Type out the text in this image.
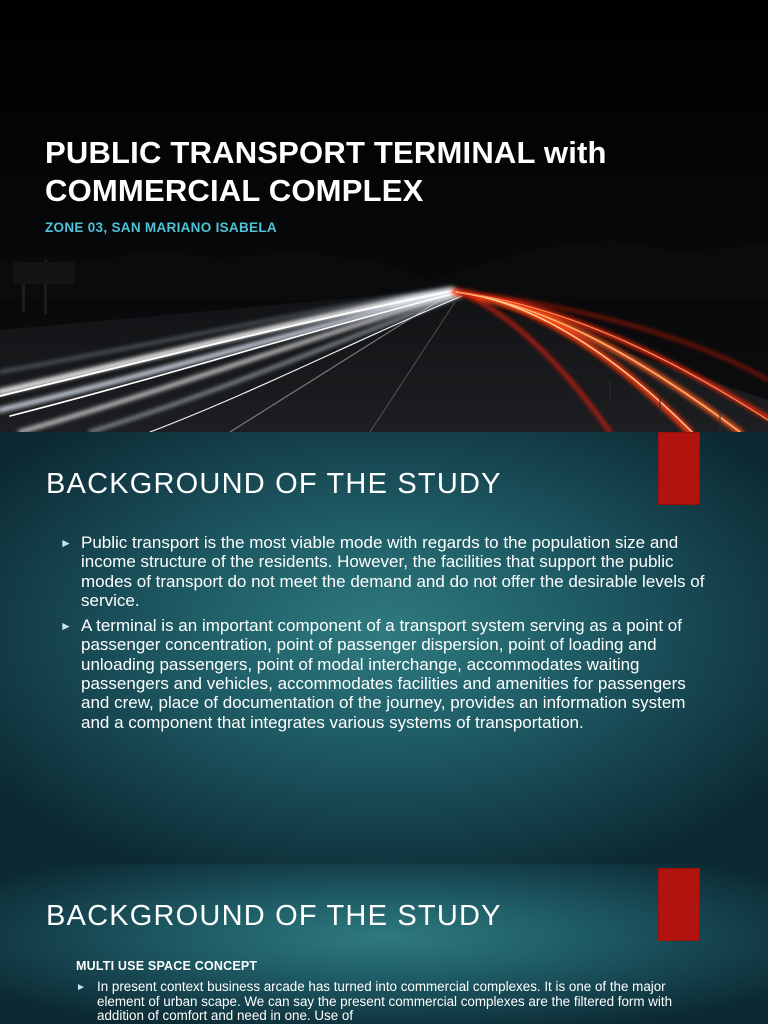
PUBLIC TRANSPORT TERMINAL with
COMMERCIAL COMPLEX

ZONE 03, SAN MARIANO ISABELA

BACKGROUND OF THE STUDY
► Public transport is the most viable mode with regards to the population size and income structure of the residents. However, the facilities that support the public modes of transport do not meet the demand and do not offer the desirable levels of service.
► A terminal is an important component of a transport system serving as a point of passenger concentration, point of passenger dispersion, point of loading and unloading passengers, point of modal interchange, accommodates waiting passengers and vehicles, accommodates facilities and amenities for passengers and crew, place of documentation of the journey, provides an information system and a component that integrates various systems of transportation.
BACKGROUND OF THE STUDY

MULTI USE SPACE CONCEPT

► In present context business arcade has turned into commercial complexes. It is one of the major element of urban scape. We can say the present commercial complexes are the filtered form with addition of comfort and need in one. Use of
